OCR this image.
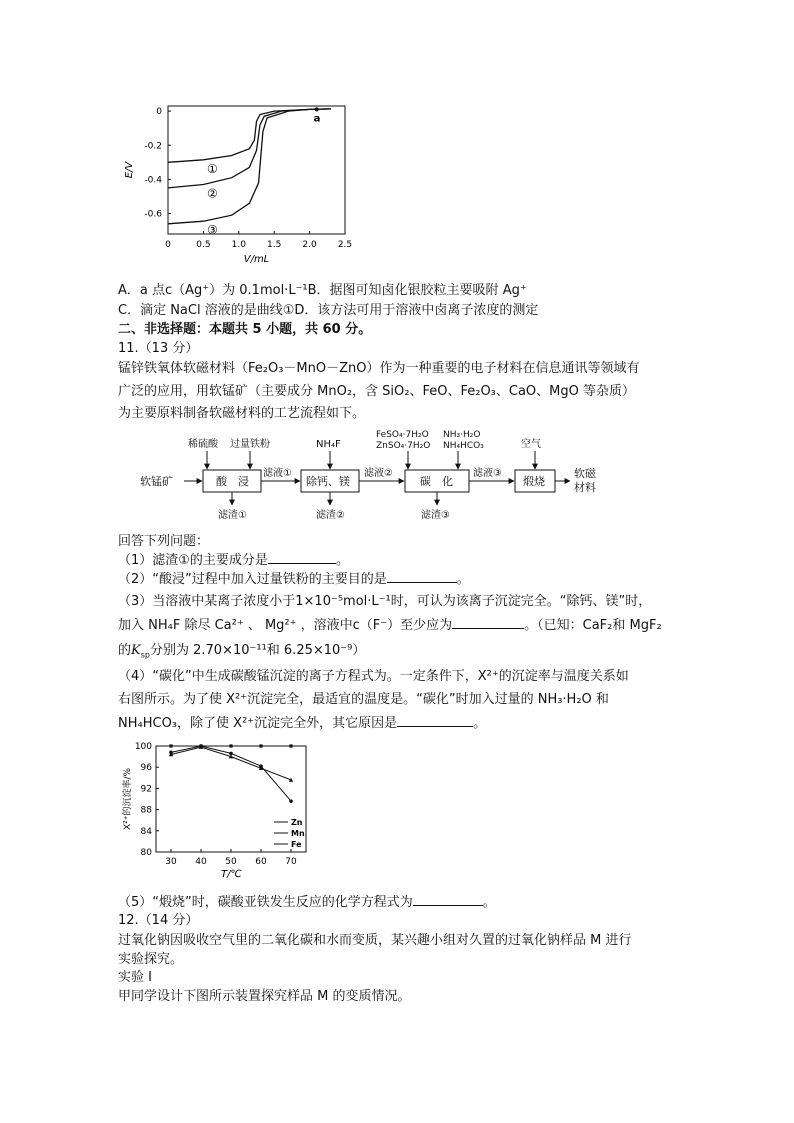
0	0.5 1.0 1.5 2.0 2.5
0
-0.2
-0.4
-0.6
V/mL
E/V	①
②
③
a
A．a 点c（Ag⁺）为 0.1mol·L⁻¹B．据图可知卤化银胶粒主要吸附 Ag⁺
C．滴定 NaCl 溶液的是曲线①D．该方法可用于溶液中卤离子浓度的测定
二、非选择题：本题共 5 小题，共 60 分。
11.（13 分）
锰锌铁氧体软磁材料（Fe₂O₃－MnO－ZnO）作为一种重要的电子材料在信息通讯等领域有
广泛的应用，用软锰矿（主要成分 MnO₂，含 SiO₂、FeO、Fe₂O₃、CaO、MgO 等杂质）
为主要原料制备软磁材料的工艺流程如下。
软锰矿	酸　浸
稀硫酸 过量铁粉
滤渣①
滤液①
除钙、镁
NH₄F
滤渣②
滤液②
碳　化
FeSO₄·7H₂O
ZnSO₄·7H₂O
NH₃·H₂O
NH₄HCO₃
滤渣③
滤液③
煅烧
空气
软磁
材料
回答下列问题：
（1）滤渣①的主要成分是	。
（2）“酸浸”过程中加入过量铁粉的主要目的是	。
（3）当溶液中某离子浓度小于1×10⁻⁵mol·L⁻¹时，可认为该离子沉淀完全。“除钙、镁”时，
加入 NH₄F 除尽 Ca²⁺ 、 Mg²⁺ ，溶液中c（F⁻）至少应为	。（已知：CaF₂和 MgF₂
的$K_{sp}$分别为 2.70×10⁻¹¹和 6.25×10⁻⁹）
（4）“碳化”中生成碳酸锰沉淀的离子方程式为。一定条件下，X²⁺的沉淀率与温度关系如
右图所示。为了使 X²⁺沉淀完全，最适宜的温度是。“碳化”时加入过量的 NH₃·H₂O 和
NH₄HCO₃，除了使 X²⁺沉淀完全外，其它原因是	。
T/℃
X²⁺的沉淀率/%
30 40 50 60 70
100
96
92
88
84
80
Zn
Mn
Fe
（5）“煅烧”时，碳酸亚铁发生反应的化学方程式为	。
12.（14 分）
过氧化钠因吸收空气里的二氧化碳和水而变质，某兴趣小组对久置的过氧化钠样品 M 进行
实验探究。
实验 I
甲同学设计下图所示装置探究样品 M 的变质情况。
